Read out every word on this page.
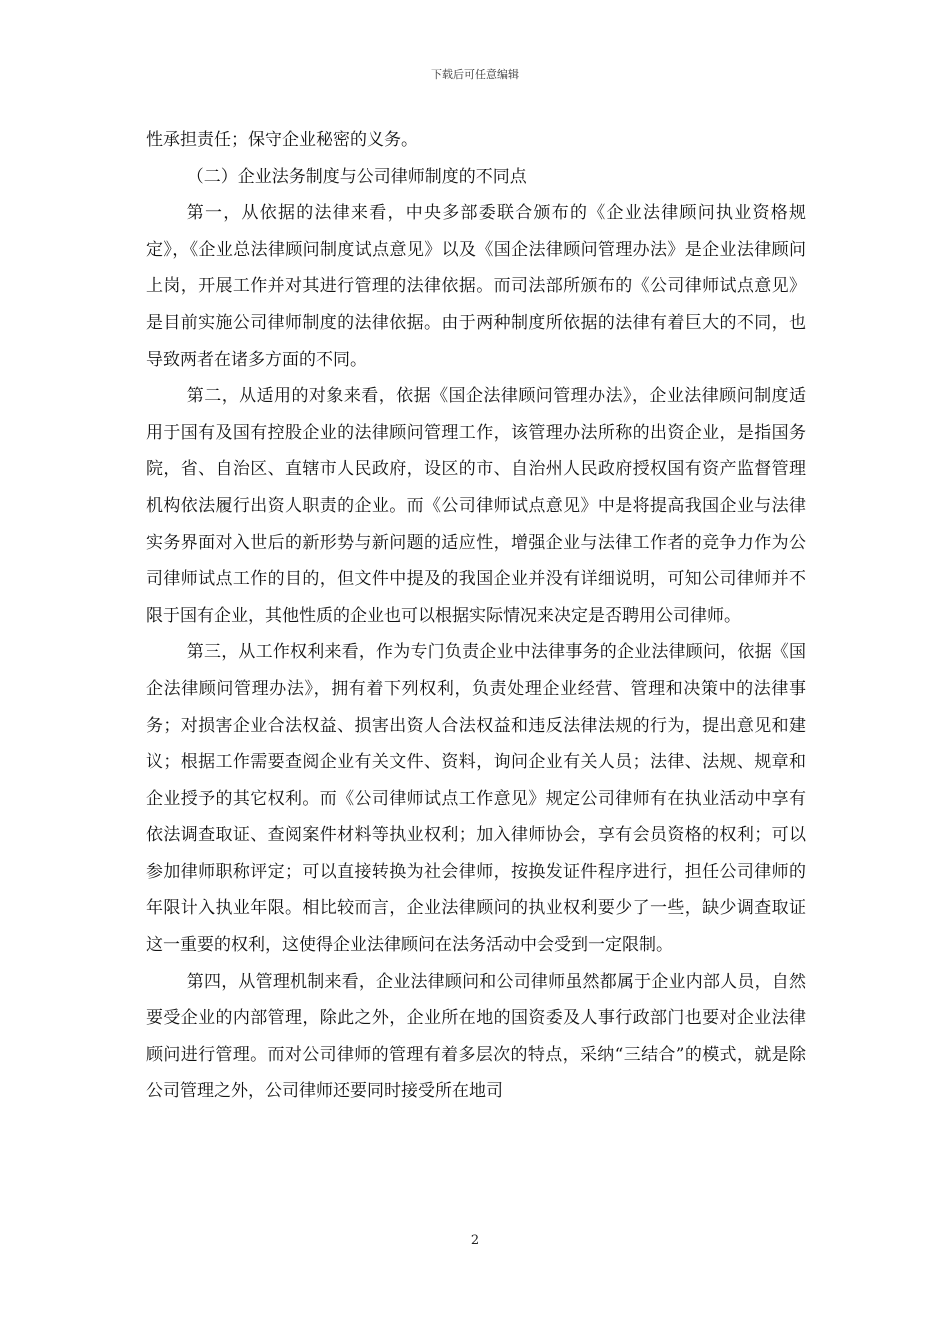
下载后可任意编辑

性承担责任；保守企业秘密的义务。

（二）企业法务制度与公司律师制度的不同点

第一，从依据的法律来看，中央多部委联合颁布的《企业法律顾问执业资格规定》，《企业总法律顾问制度试点意见》以及《国企法律顾问管理办法》是企业法律顾问上岗，开展工作并对其进行管理的法律依据。而司法部所颁布的《公司律师试点意见》是目前实施公司律师制度的法律依据。由于两种制度所依据的法律有着巨大的不同，也导致两者在诸多方面的不同。

第二，从适用的对象来看，依据《国企法律顾问管理办法》，企业法律顾问制度适用于国有及国有控股企业的法律顾问管理工作，该管理办法所称的出资企业，是指国务院，省、自治区、直辖市人民政府，设区的市、自治州人民政府授权国有资产监督管理机构依法履行出资人职责的企业。而《公司律师试点意见》中是将提高我国企业与法律实务界面对入世后的新形势与新问题的适应性，增强企业与法律工作者的竞争力作为公司律师试点工作的目的，但文件中提及的我国企业并没有详细说明，可知公司律师并不限于国有企业，其他性质的企业也可以根据实际情况来决定是否聘用公司律师。

第三，从工作权利来看，作为专门负责企业中法律事务的企业法律顾问，依据《国企法律顾问管理办法》，拥有着下列权利，负责处理企业经营、管理和决策中的法律事务；对损害企业合法权益、损害出资人合法权益和违反法律法规的行为，提出意见和建议；根据工作需要查阅企业有关文件、资料，询问企业有关人员；法律、法规、规章和企业授予的其它权利。而《公司律师试点工作意见》规定公司律师有在执业活动中享有依法调查取证、查阅案件材料等执业权利；加入律师协会，享有会员资格的权利；可以参加律师职称评定；可以直接转换为社会律师，按换发证件程序进行，担任公司律师的年限计入执业年限。相比较而言，企业法律顾问的执业权利要少了一些，缺少调查取证这一重要的权利，这使得企业法律顾问在法务活动中会受到一定限制。

第四，从管理机制来看，企业法律顾问和公司律师虽然都属于企业内部人员，自然要受企业的内部管理，除此之外，企业所在地的国资委及人事行政部门也要对企业法律顾问进行管理。而对公司律师的管理有着多层次的特点，采纳“三结合”的模式，就是除公司管理之外，公司律师还要同时接受所在地司

2
